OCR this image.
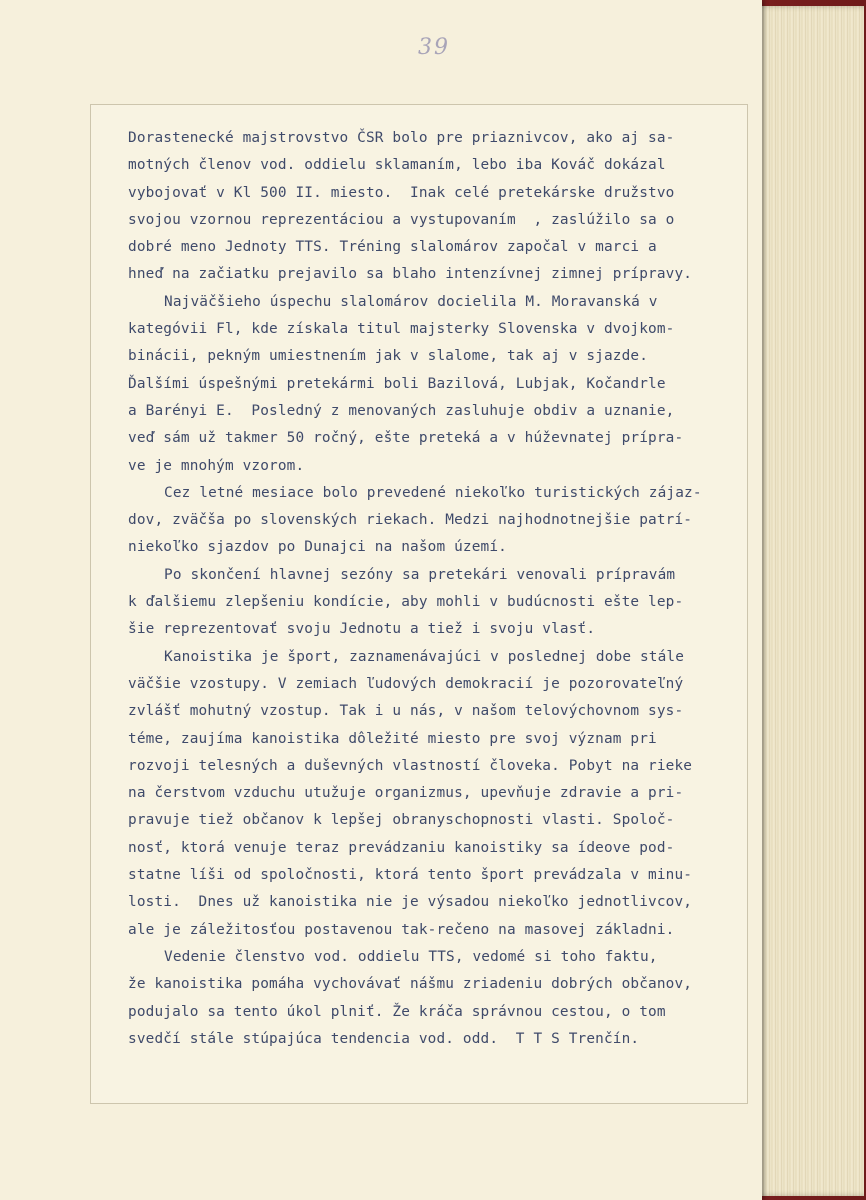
39
Dorastenecké majstrovstvo ČSR bolo pre priaznivcov, ako aj sa-
motných členov vod. oddielu sklamaním, lebo iba Kováč dokázal
vybojovať v Kl 500 II. miesto.  Inak celé pretekárske družstvo
svojou vzornou reprezentáciou a vystupovaním  , zaslúžilo sa o
dobré meno Jednoty TTS. Tréning slalomárov započal v marci a
hneď na začiatku prejavilo sa blaho intenzívnej zimnej prípravy.
Najväčšieho úspechu slalomárov docielila M. Moravanská v
kategóvii Fl, kde získala titul majsterky Slovenska v dvojkom-
binácii, pekným umiestnením jak v slalome, tak aj v sjazde.
Ďalšími úspešnými pretekármi boli Bazilová, Lubjak, Kočandrle
a Barényi E.  Posledný z menovaných zasluhuje obdiv a uznanie,
veď sám už takmer 50 ročný, ešte preteká a v húževnatej prípra-
ve je mnohým vzorom.
Cez letné mesiace bolo prevedené niekoľko turistických zájaz-
dov, zväčša po slovenských riekach. Medzi najhodnotnejšie patrí-
niekoľko sjazdov po Dunajci na našom území.
Po skončení hlavnej sezóny sa pretekári venovali prípravám
k ďalšiemu zlepšeniu kondície, aby mohli v budúcnosti ešte lep-
šie reprezentovať svoju Jednotu a tiež i svoju vlasť.
Kanoistika je šport, zaznamenávajúci v poslednej dobe stále
väčšie vzostupy. V zemiach ľudových demokracií je pozorovateľný
zvlášť mohutný vzostup. Tak i u nás, v našom telovýchovnom sys-
téme, zaujíma kanoistika dôležité miesto pre svoj význam pri
rozvoji telesných a duševných vlastností človeka. Pobyt na rieke
na čerstvom vzduchu utužuje organizmus, upevňuje zdravie a pri-
pravuje tiež občanov k lepšej obranyschopnosti vlasti. Spoloč-
nosť, ktorá venuje teraz prevádzaniu kanoistiky sa ídeove pod-
statne líši od spoločnosti, ktorá tento šport prevádzala v minu-
losti.  Dnes už kanoistika nie je výsadou niekoľko jednotlivcov,
ale je záležitosťou postavenou tak-rečeno na masovej základni.
Vedenie členstvo vod. oddielu TTS, vedomé si toho faktu,
že kanoistika pomáha vychovávať nášmu zriadeniu dobrých občanov,
podujalo sa tento úkol plniť. Že kráča správnou cestou, o tom
svedčí stále stúpajúca tendencia vod. odd.  T T S Trenčín.
